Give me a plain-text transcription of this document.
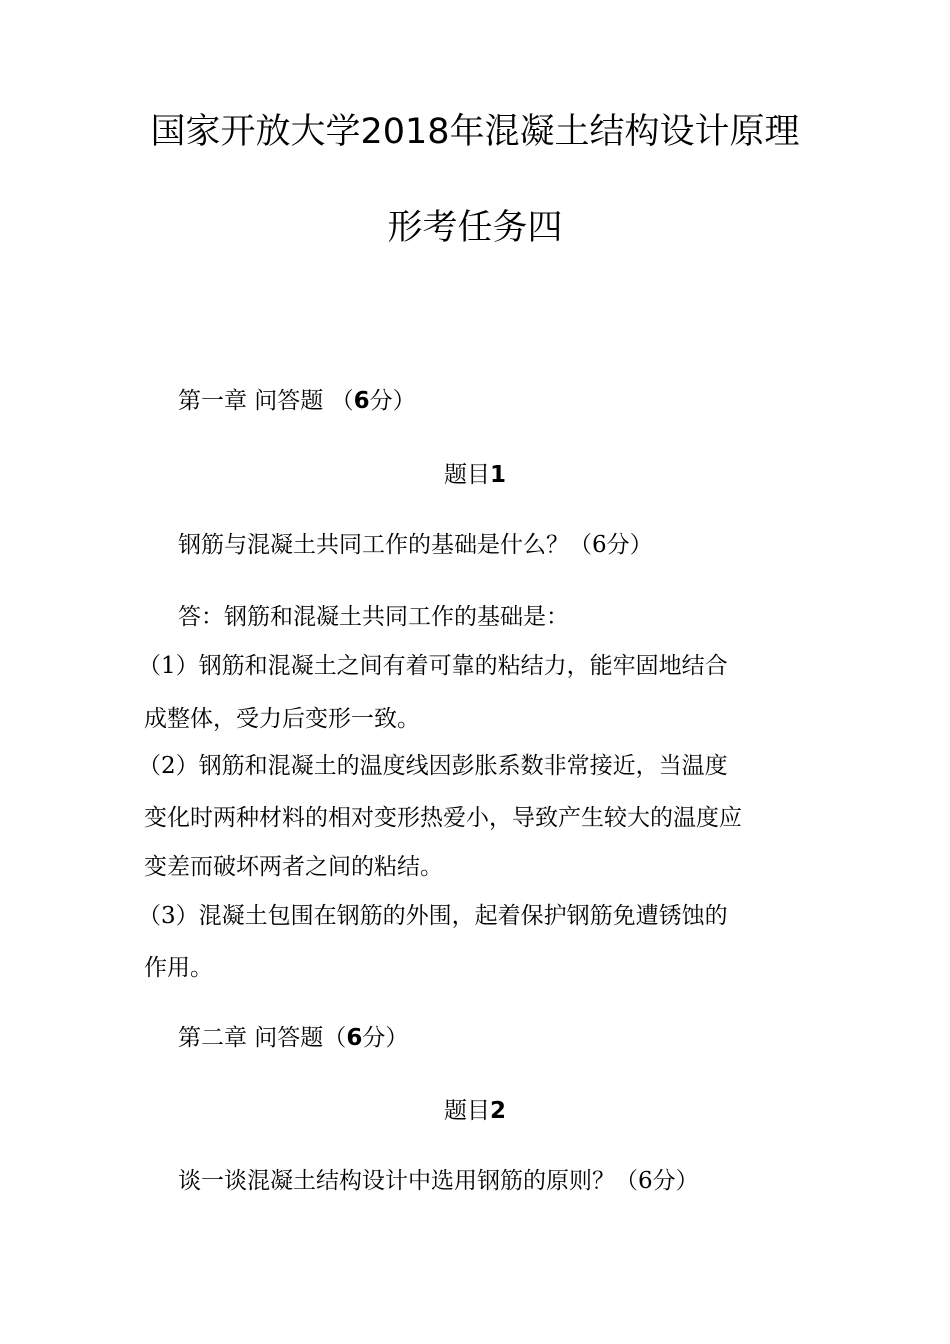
国家开放大学2018年混凝土结构设计原理
形考任务四
第一章 问答题 （6分）
题目1
钢筋与混凝土共同工作的基础是什么？（6分）
答：钢筋和混凝土共同工作的基础是：
（1）钢筋和混凝土之间有着可靠的粘结力，能牢固地结合
成整体，受力后变形一致。
（2）钢筋和混凝土的温度线因彭胀系数非常接近，当温度
变化时两种材料的相对变形热爱小，导致产生较大的温度应
变差而破坏两者之间的粘结。
（3）混凝土包围在钢筋的外围，起着保护钢筋免遭锈蚀的
作用。
第二章 问答题（6分）
题目2
谈一谈混凝土结构设计中选用钢筋的原则？（6分）
